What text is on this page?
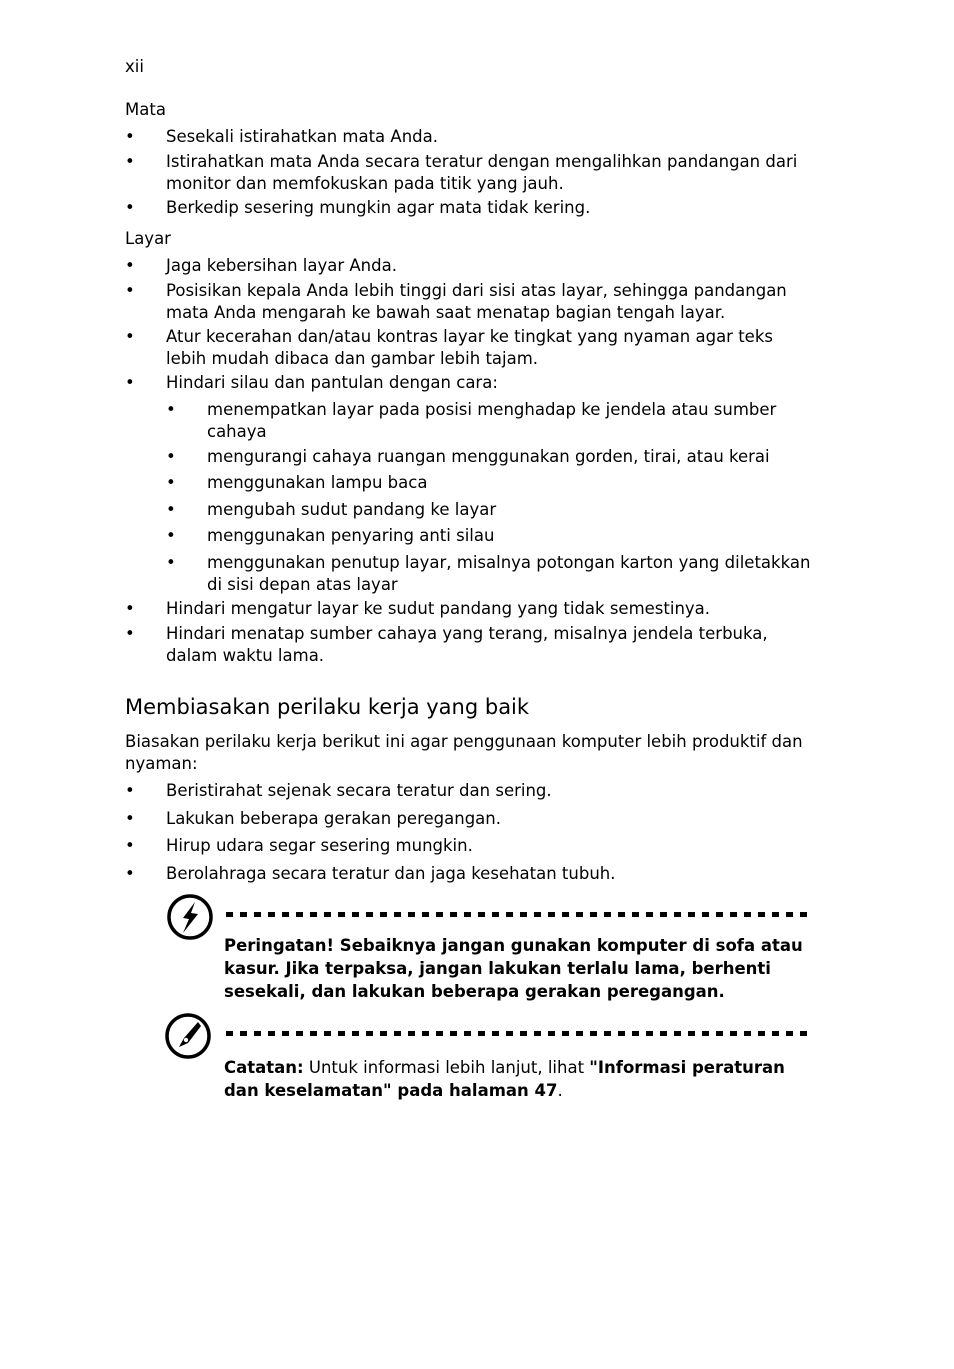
xii
Mata
•	Sesekali istirahatkan mata Anda.
•	Istirahatkan mata Anda secara teratur dengan mengalihkan pandangan dari monitor dan memfokuskan pada titik yang jauh.
•	Berkedip sesering mungkin agar mata tidak kering.
Layar
•	Jaga kebersihan layar Anda.
•	Posisikan kepala Anda lebih tinggi dari sisi atas layar, sehingga pandangan mata Anda mengarah ke bawah saat menatap bagian tengah layar.
•	Atur kecerahan dan/atau kontras layar ke tingkat yang nyaman agar teks lebih mudah dibaca dan gambar lebih tajam.
•	Hindari silau dan pantulan dengan cara:
•	menempatkan layar pada posisi menghadap ke jendela atau sumber cahaya
•	mengurangi cahaya ruangan menggunakan gorden, tirai, atau kerai
•	menggunakan lampu baca
•	mengubah sudut pandang ke layar
•	menggunakan penyaring anti silau
•	menggunakan penutup layar, misalnya potongan karton yang diletakkan di sisi depan atas layar
•	Hindari mengatur layar ke sudut pandang yang tidak semestinya.
•	Hindari menatap sumber cahaya yang terang, misalnya jendela terbuka, dalam waktu lama.
Membiasakan perilaku kerja yang baik
Biasakan perilaku kerja berikut ini agar penggunaan komputer lebih produktif dan nyaman:
•	Beristirahat sejenak secara teratur dan sering.
•	Lakukan beberapa gerakan peregangan.
•	Hirup udara segar sesering mungkin.
•	Berolahraga secara teratur dan jaga kesehatan tubuh.
Peringatan! Sebaiknya jangan gunakan komputer di sofa atau kasur. Jika terpaksa, jangan lakukan terlalu lama, berhenti sesekali, dan lakukan beberapa gerakan peregangan.
Catatan: Untuk informasi lebih lanjut, lihat "Informasi peraturan dan keselamatan" pada halaman 47.
